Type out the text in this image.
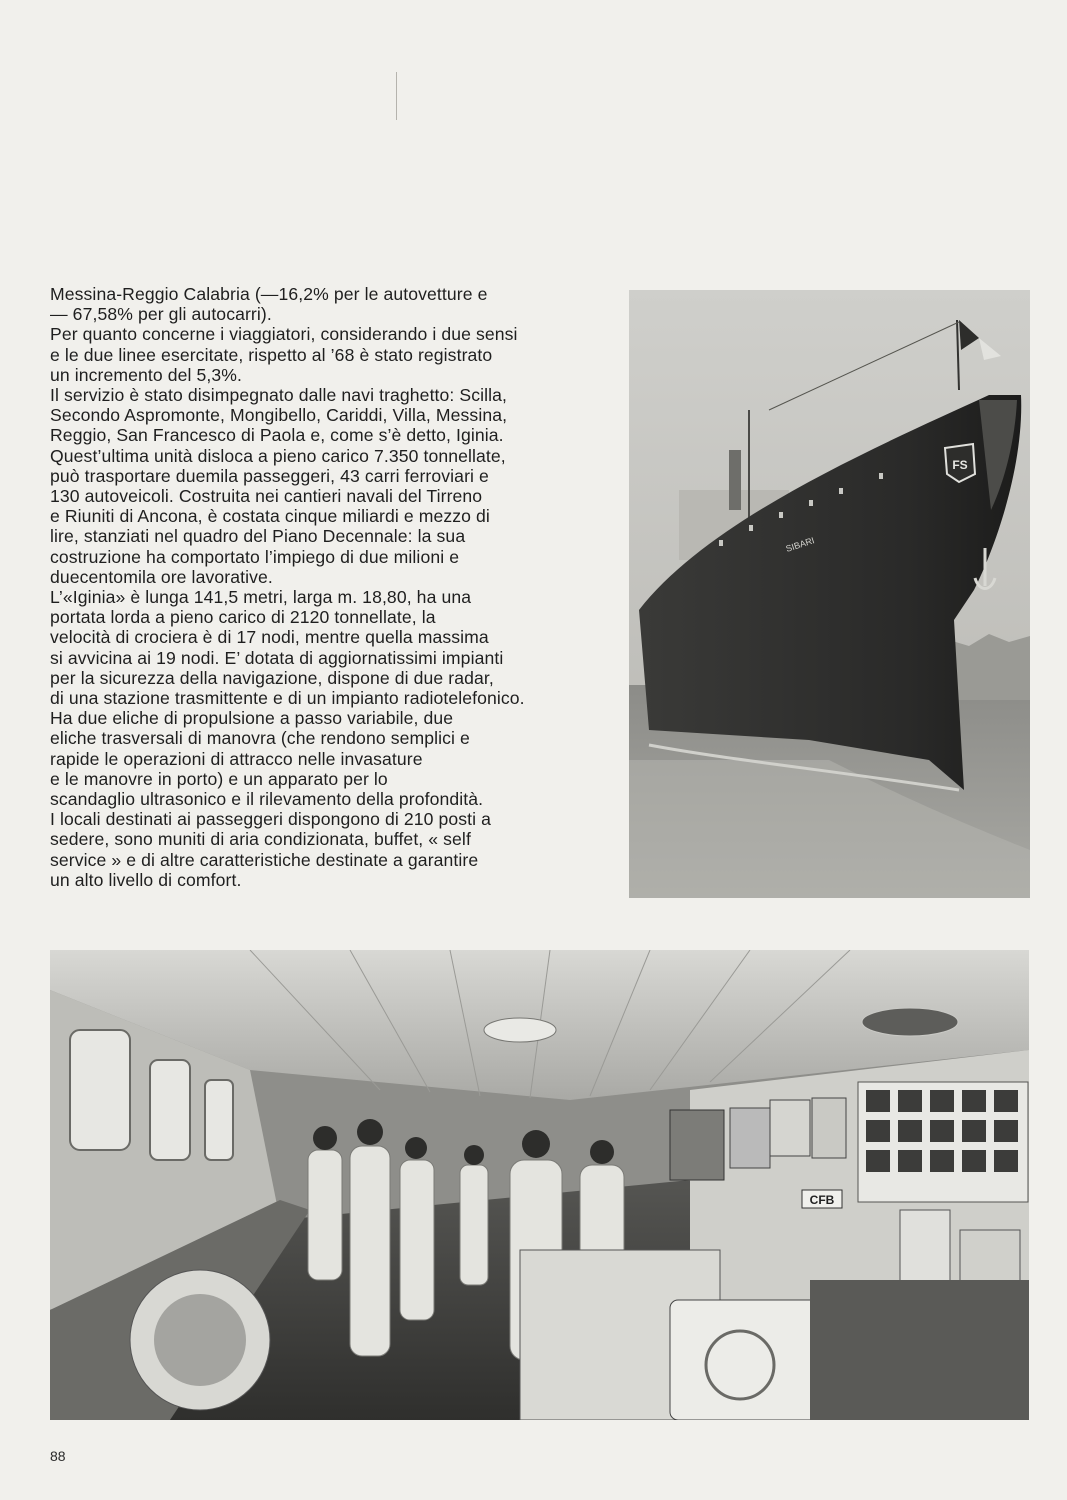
Messina-Reggio Calabria (—16,2% per le autovetture e
— 67,58% per gli autocarri).
Per quanto concerne i viaggiatori, considerando i due sensi
e le due linee esercitate, rispetto al ’68 è stato registrato
un incremento del 5,3%.
Il servizio è stato disimpegnato dalle navi traghetto: Scilla,
Secondo Aspromonte, Mongibello, Cariddi, Villa, Messina,
Reggio, San Francesco di Paola e, come s’è detto, Iginia.
Quest’ultima unità disloca a pieno carico 7.350 tonnellate,
può trasportare duemila passeggeri, 43 carri ferroviari e
130 autoveicoli. Costruita nei cantieri navali del Tirreno
e Riuniti di Ancona, è costata cinque miliardi e mezzo di
lire, stanziati nel quadro del Piano Decennale: la sua
costruzione ha comportato l’impiego di due milioni e
duecentomila ore lavorative.
L’«Iginia» è lunga 141,5 metri, larga m. 18,80, ha una
portata lorda a pieno carico di 2120 tonnellate, la
velocità di crociera è di 17 nodi, mentre quella massima
si avvicina ai 19 nodi. E’ dotata di aggiornatissimi impianti
per la sicurezza della navigazione, dispone di due radar,
di una stazione trasmittente e di un impianto radiotelefonico.
Ha due eliche di propulsione a passo variabile, due
eliche trasversali di manovra (che rendono semplici e
rapide le operazioni di attracco nelle invasature
e le manovre in porto) e un apparato per lo
scandaglio ultrasonico e il rilevamento della profondità.
I locali destinati ai passeggeri dispongono di 210 posti a
sedere, sono muniti di aria condizionata, buffet, « self
service » e di altre caratteristiche destinate a garantire
un alto livello di comfort.
FS
SIBARI
CFB
88
